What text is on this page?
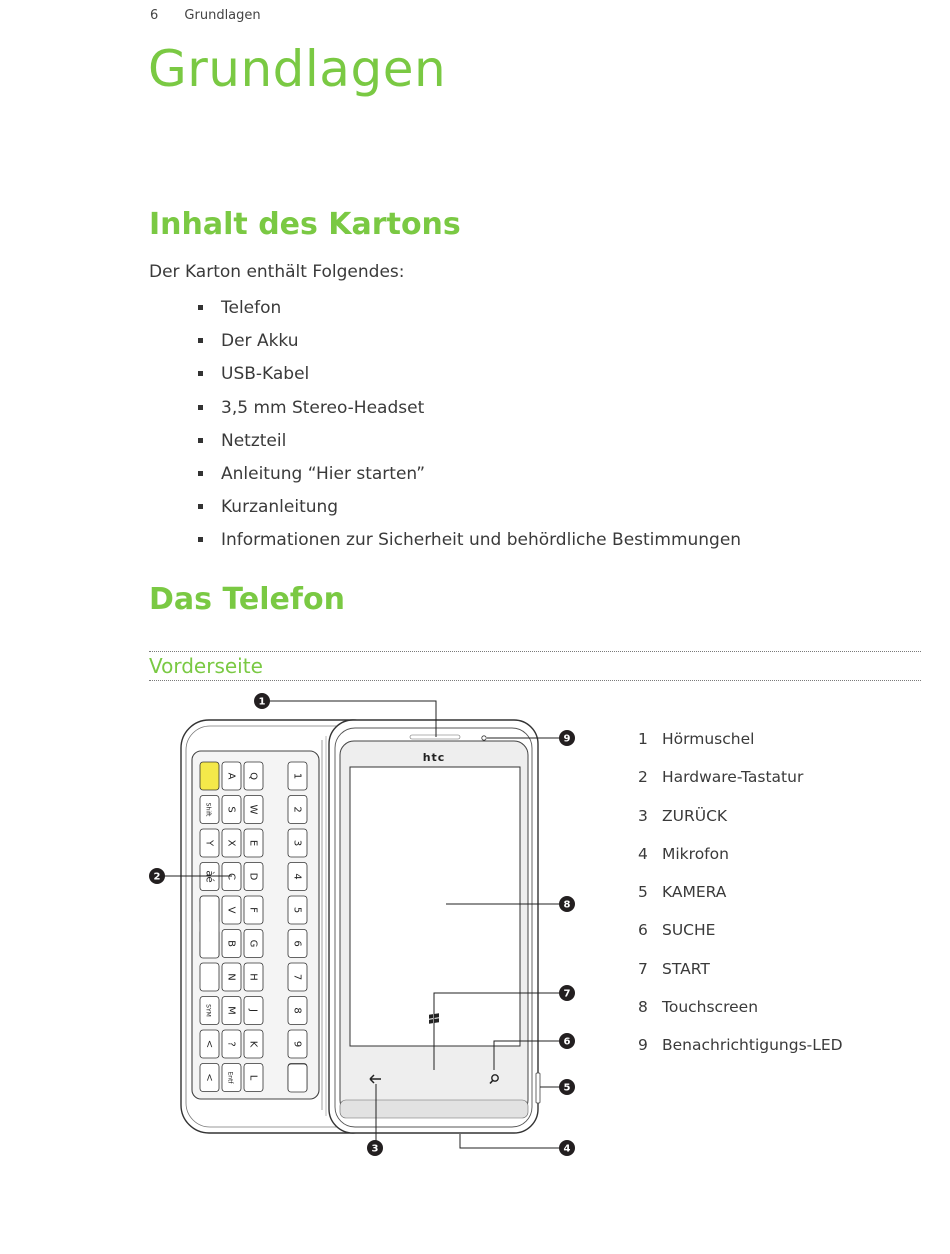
6 Grundlagen
Grundlagen
Inhalt des Kartons
Der Karton enthält Folgendes:
Telefon
Der Akku
USB-Kabel
3,5 mm Stereo-Headset
Netzteil
Anleitung “Hier starten”
Kurzanleitung
Informationen zur Sicherheit und behördliche Bestimmungen
Das Telefon
Vorderseite
Shift
Y
àé
SYM
<
<
A
S
X
C
V
B
N
M
?
Entf
Q
W
E
D
F
G
H
J
K
L
1
2
3
4
5
6
7
8
9
htc
1
2
3	4
5
6
7
8
9	1 Hörmuschel
2 Hardware-Tastatur
3 ZURÜCK
4 Mikrofon
5 KAMERA
6 SUCHE
7 START
8 Touchscreen
9 Benachrichtigungs-LED
